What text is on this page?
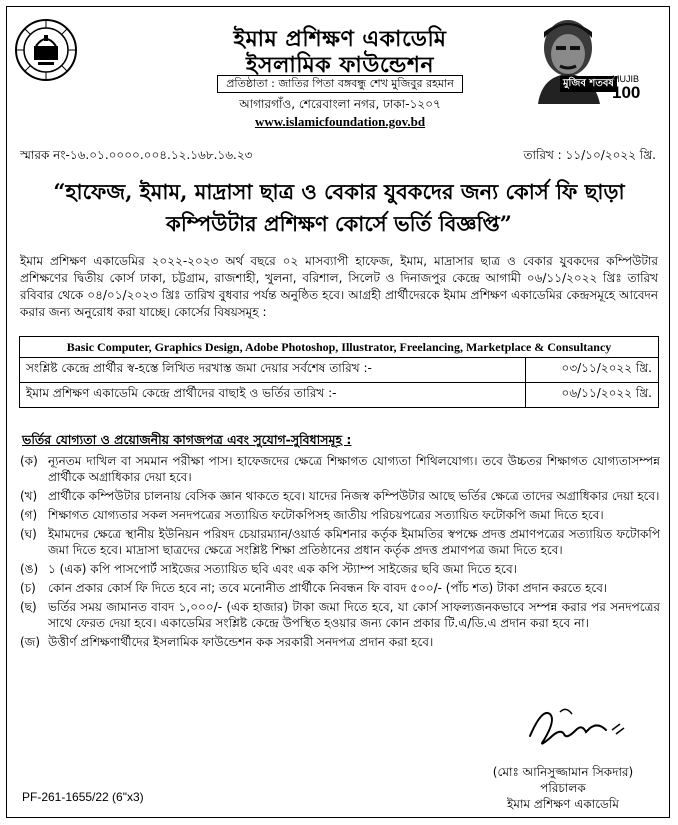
মুজিব শতবর্ষ
MUJIB
100
ইমাম প্রশিক্ষণ একাডেমি
ইসলামিক ফাউন্ডেশন
প্রতিষ্ঠাতা : জাতির পিতা বঙ্গবন্ধু শেখ মুজিবুর রহমান
আগারগাঁও, শেরেবাংলা নগর, ঢাকা-১২০৭
www.islamicfoundation.gov.bd
স্মারক নং-১৬.০১.০০০০.০০৪.১২.১৬৮.১৬.২৩	তারিখ : ১১/১০/২০২২ খ্রি.
“হাফেজ, ইমাম, মাদ্রাসা ছাত্র ও বেকার যুবকদের জন্য কোর্স ফি ছাড়া
কম্পিউটার প্রশিক্ষণ কোর্সে ভর্তি বিজ্ঞপ্তি”
ইমাম প্রশিক্ষণ একাডেমির ২০২২-২০২৩ অর্থ বছরে ০২ মাসব্যাপী হাফেজ, ইমাম, মাদ্রাসার ছাত্র ও বেকার যুবকদের কম্পিউটার প্রশিক্ষণের দ্বিতীয় কোর্স ঢাকা, চট্টগ্রাম, রাজশাহী, খুলনা, বরিশাল, সিলেট ও দিনাজপুর কেন্দ্রে আগামী ০৬/১১/২০২২ খ্রিঃ তারিখ রবিবার থেকে ০৪/০১/২০২৩ খ্রিঃ তারিখ বুধবার পর্যন্ত অনুষ্ঠিত হবে। আগ্রহী প্রার্থীদেরকে ইমাম প্রশিক্ষণ একাডেমির কেন্দ্রসমূহে আবেদন করার জন্য অনুরোধ করা যাচ্ছে। কোর্সের বিষয়সমূহ :
Basic Computer, Graphics Design, Adobe Photoshop, Illustrator, Freelancing, Marketplace & Consultancy	
সংশ্লিষ্ট কেন্দ্রে প্রার্থীর স্ব-হস্তে লিখিত দরখাস্ত জমা দেয়ার সর্বশেষ তারিখ :-	০৩/১১/২০২২ খ্রি.
ইমাম প্রশিক্ষণ একাডেমি কেন্দ্রে প্রার্থীদের বাছাই ও ভর্তির তারিখ :-	০৬/১১/২০২২ খ্রি.
ভর্তির যোগ্যতা ও প্রয়োজনীয় কাগজপত্র এবং সুযোগ-সুবিধাসমূহ :
(ক) ন্যূনতম দাখিল বা সমমান পরীক্ষা পাস। হাফেজদের ক্ষেত্রে শিক্ষাগত যোগ্যতা শিথিলযোগ্য। তবে উচ্চতর শিক্ষাগত যোগ্যতাসম্পন্ন প্রার্থীকে অগ্রাধিকার দেয়া হবে।
(খ) প্রার্থীকে কম্পিউটার চালনায় বেসিক জ্ঞান থাকতে হবে। যাদের নিজস্ব কম্পিউটার আছে ভর্তির ক্ষেত্রে তাদের অগ্রাধিকার দেয়া হবে।
(গ) শিক্ষাগত যোগ্যতার সকল সনদপত্রের সত্যায়িত ফটোকপিসহ জাতীয় পরিচয়পত্রের সত্যায়িত ফটোকপি জমা দিতে হবে।
(ঘ) ইমামদের ক্ষেত্রে স্থানীয় ইউনিয়ন পরিষদ চেয়ারম্যান/ওয়ার্ড কমিশনার কর্তৃক ইমামতির স্বপক্ষে প্রদত্ত প্রমাণপত্রের সত্যায়িত ফটোকপি জমা দিতে হবে। মাদ্রাসা ছাত্রদের ক্ষেত্রে সংশ্লিষ্ট শিক্ষা প্রতিষ্ঠানের প্রধান কর্তৃক প্রদত্ত প্রমাণপত্র জমা দিতে হবে।
(ঙ) ১ (এক) কপি পাসপোর্ট সাইজের সত্যায়িত ছবি এবং এক কপি স্ট্যাম্প সাইজের ছবি জমা দিতে হবে।
(চ)	কোন প্রকার কোর্স ফি দিতে হবে না; তবে মনোনীত প্রার্থীকে নিবন্ধন ফি বাবদ ৫০০/- (পাঁচ শত) টাকা প্রদান করতে হবে।
(ছ) ভর্তির সময় জামানত বাবদ ১,০০০/- (এক হাজার) টাকা জমা দিতে হবে, যা কোর্স সাফল্যজনকভাবে সম্পন্ন করার পর সনদপত্রের সাথে ফেরত দেয়া হবে। একাডেমির সংশ্লিষ্ট কেন্দ্রে উপস্থিত হওয়ার জন্য কোন প্রকার টি.এ/ডি.এ প্রদান করা হবে না।
(জ) উত্তীর্ণ প্রশিক্ষণার্থীদের ইসলামিক ফাউন্ডেশন কক সরকারী সনদপত্র প্রদান করা হবে।
(মোঃ আনিসুজ্জামান সিকদার)
পরিচালক
ইমাম প্রশিক্ষণ একাডেমি
PF-261-1655/22 (6"x3)
